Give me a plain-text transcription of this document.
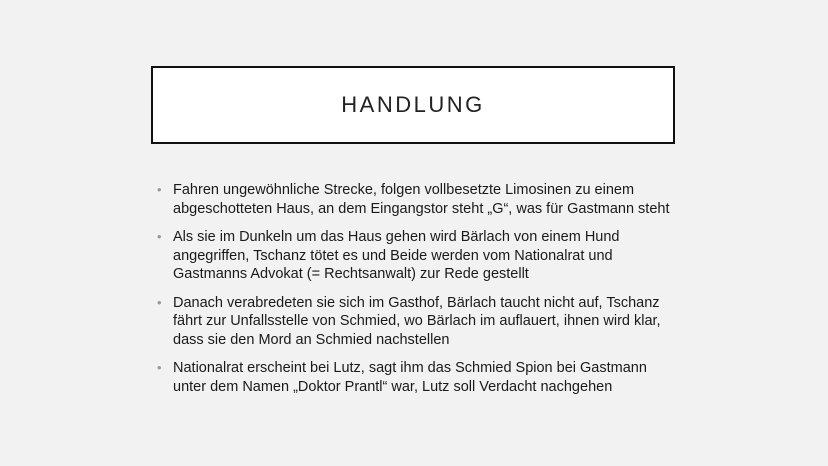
HANDLUNG
• Fahren ungewöhnliche Strecke, folgen vollbesetzte Limosinen zu einem abgeschotteten Haus, an dem Eingangstor steht „G“, was für Gastmann steht
• Als sie im Dunkeln um das Haus gehen wird Bärlach von einem Hund angegriffen, Tschanz tötet es und Beide werden vom Nationalrat und Gastmanns Advokat (= Rechtsanwalt) zur Rede gestellt
• Danach verabredeten sie sich im Gasthof, Bärlach taucht nicht auf, Tschanz fährt zur Unfallsstelle von Schmied, wo Bärlach im auflauert, ihnen wird klar, dass sie den Mord an Schmied nachstellen
• Nationalrat erscheint bei Lutz, sagt ihm das Schmied Spion bei Gastmann unter dem Namen „Doktor Prantl“ war, Lutz soll Verdacht nachgehen
